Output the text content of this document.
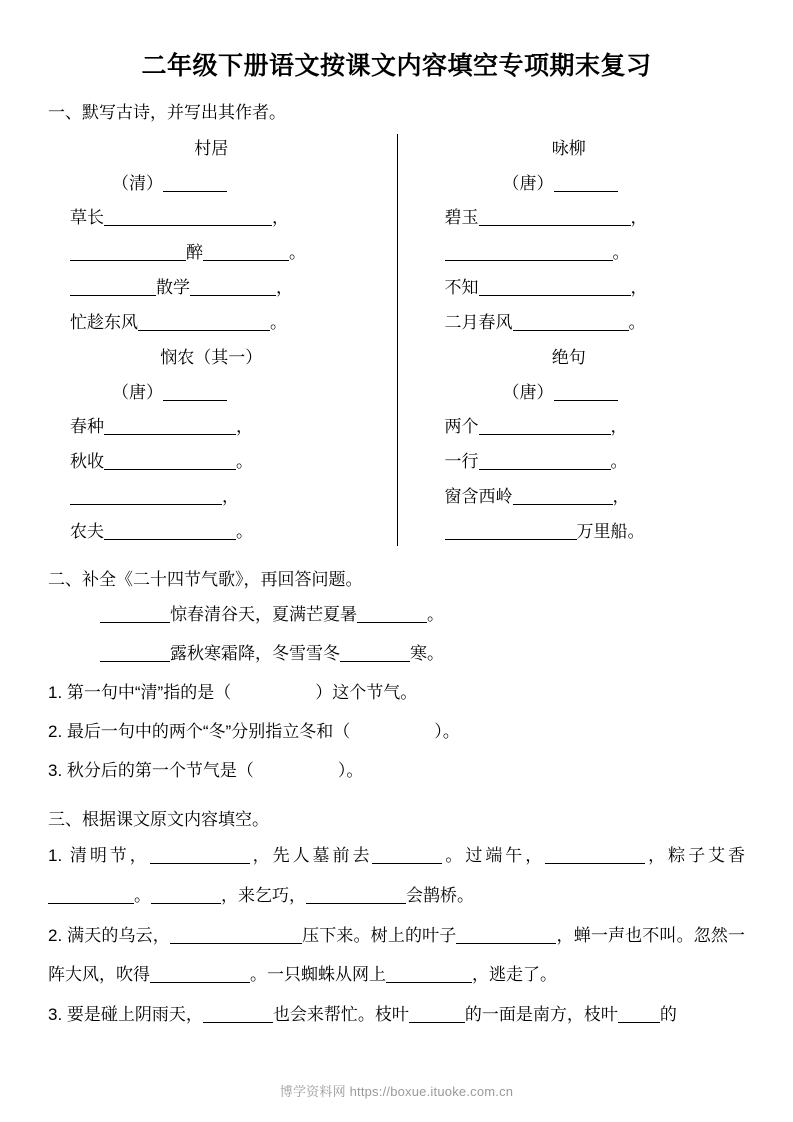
二年级下册语文按课文内容填空专项期末复习
一、默写古诗，并写出其作者。
村居
（清）
草长	，
醉	。
散学	，
忙趁东风	。
咏柳
（唐）
碧玉	，
。
不知	，
二月春风	。
悯农（其一）
（唐）
春种	，
秋收	。
，
农夫	。
绝句
（唐）
两个	，
一行	。
窗含西岭	，
万里船。
二、补全《二十四节气歌》，再回答问题。
惊春清谷天，夏满芒夏暑	。
露秋寒霜降，冬雪雪冬	寒。
1. 第一句中“清”指的是（	）这个节气。
2. 最后一句中的两个“冬”分别指立冬和（	）。
3. 秋分后的第一个节气是（	）。
三、根据课文原文内容填空。
1. 清明节，	，先人墓前去	。过端午，	，粽子艾香。	，来乞巧，	会鹊桥。
2. 满天的乌云，	压下来。树上的叶子	，蝉一声也不叫。忽然一阵大风，吹得	。一只蜘蛛从网上	，逃走了。
3. 要是碰上阴雨天，	也会来帮忙。枝叶	的一面是南方，枝叶 的
博学资料网 https://boxue.ituoke.com.cn
